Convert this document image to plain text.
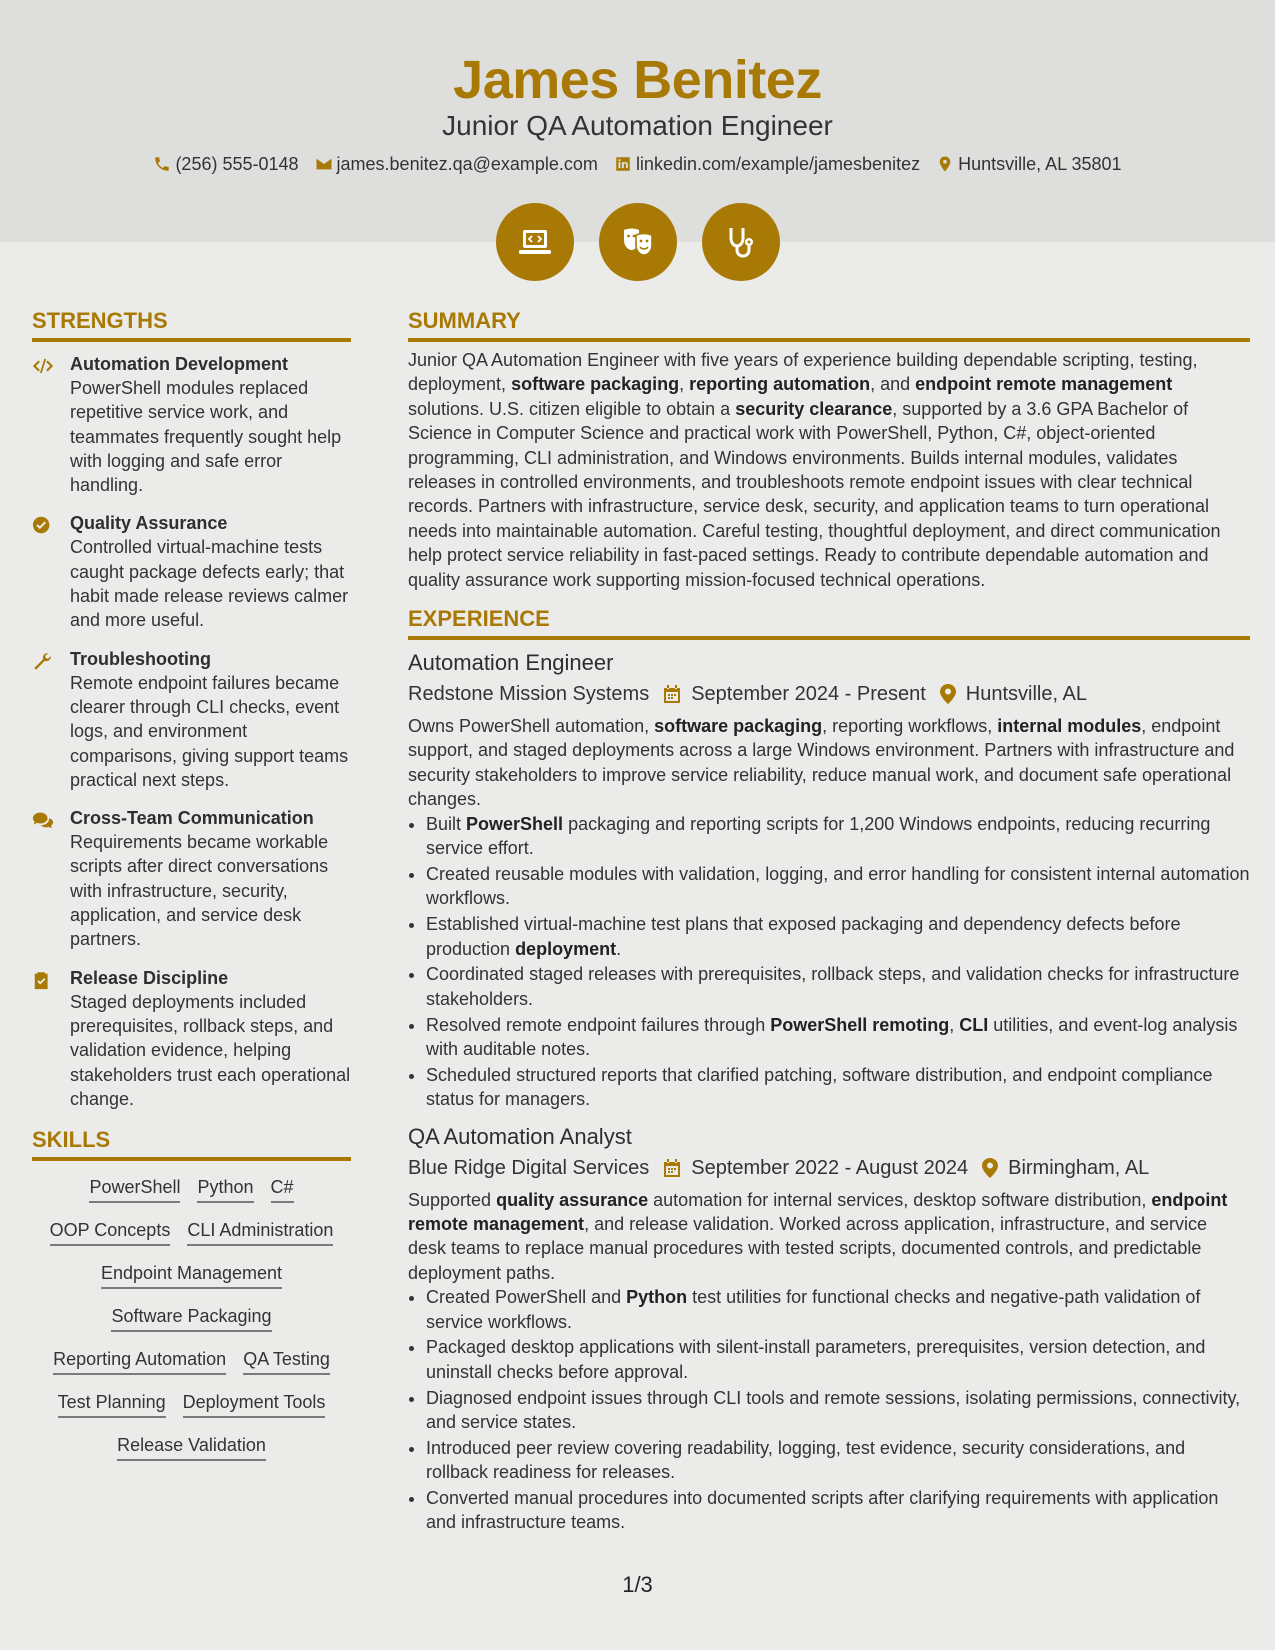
James Benitez
Junior QA Automation Engineer
(256) 555-0148 james.benitez.qa@example.com linkedin.com/example/jamesbenitez Huntsville, AL 35801
STRENGTHS
Automation Development
PowerShell modules replaced repetitive service work, and teammates frequently sought help with logging and safe error handling.
Quality Assurance
Controlled virtual-machine tests caught package defects early; that habit made release reviews calmer and more useful.
Troubleshooting
Remote endpoint failures became clearer through CLI checks, event logs, and environment comparisons, giving support teams practical next steps.
Cross-Team Communication
Requirements became workable scripts after direct conversations with infrastructure, security, application, and service desk partners.
Release Discipline
Staged deployments included prerequisites, rollback steps, and validation evidence, helping stakeholders trust each operational change.
SKILLS
PowerShell Python C#
OOP Concepts CLI Administration
Endpoint Management
Software Packaging
Reporting Automation QA Testing
Test Planning Deployment Tools
Release Validation
SUMMARY
Junior QA Automation Engineer with five years of experience building dependable scripting, testing, deployment, software packaging, reporting automation, and endpoint remote management solutions. U.S. citizen eligible to obtain a security clearance, supported by a 3.6 GPA Bachelor of Science in Computer Science and practical work with PowerShell, Python, C#, object-oriented programming, CLI administration, and Windows environments. Builds internal modules, validates releases in controlled environments, and troubleshoots remote endpoint issues with clear technical records. Partners with infrastructure, service desk, security, and application teams to turn operational needs into maintainable automation. Careful testing, thoughtful deployment, and direct communication help protect service reliability in fast-paced settings. Ready to contribute dependable automation and quality assurance work supporting mission-focused technical operations.
EXPERIENCE
Automation Engineer
Redstone Mission Systems September 2024 - Present Huntsville, AL
Owns PowerShell automation, software packaging, reporting workflows, internal modules, endpoint support, and staged deployments across a large Windows environment. Partners with infrastructure and security stakeholders to improve service reliability, reduce manual work, and document safe operational changes.
• Built PowerShell packaging and reporting scripts for 1,200 Windows endpoints, reducing recurring service effort.
• Created reusable modules with validation, logging, and error handling for consistent internal automation workflows.
• Established virtual-machine test plans that exposed packaging and dependency defects before production deployment.
• Coordinated staged releases with prerequisites, rollback steps, and validation checks for infrastructure stakeholders.
• Resolved remote endpoint failures through PowerShell remoting, CLI utilities, and event-log analysis with auditable notes.
• Scheduled structured reports that clarified patching, software distribution, and endpoint compliance status for managers.
QA Automation Analyst
Blue Ridge Digital Services September 2022 - August 2024 Birmingham, AL
Supported quality assurance automation for internal services, desktop software distribution, endpoint remote management, and release validation. Worked across application, infrastructure, and service desk teams to replace manual procedures with tested scripts, documented controls, and predictable deployment paths.
• Created PowerShell and Python test utilities for functional checks and negative-path validation of service workflows.
• Packaged desktop applications with silent-install parameters, prerequisites, version detection, and uninstall checks before approval.
• Diagnosed endpoint issues through CLI tools and remote sessions, isolating permissions, connectivity, and service states.
• Introduced peer review covering readability, logging, test evidence, security considerations, and rollback readiness for releases.
• Converted manual procedures into documented scripts after clarifying requirements with application and infrastructure teams.
1/3
